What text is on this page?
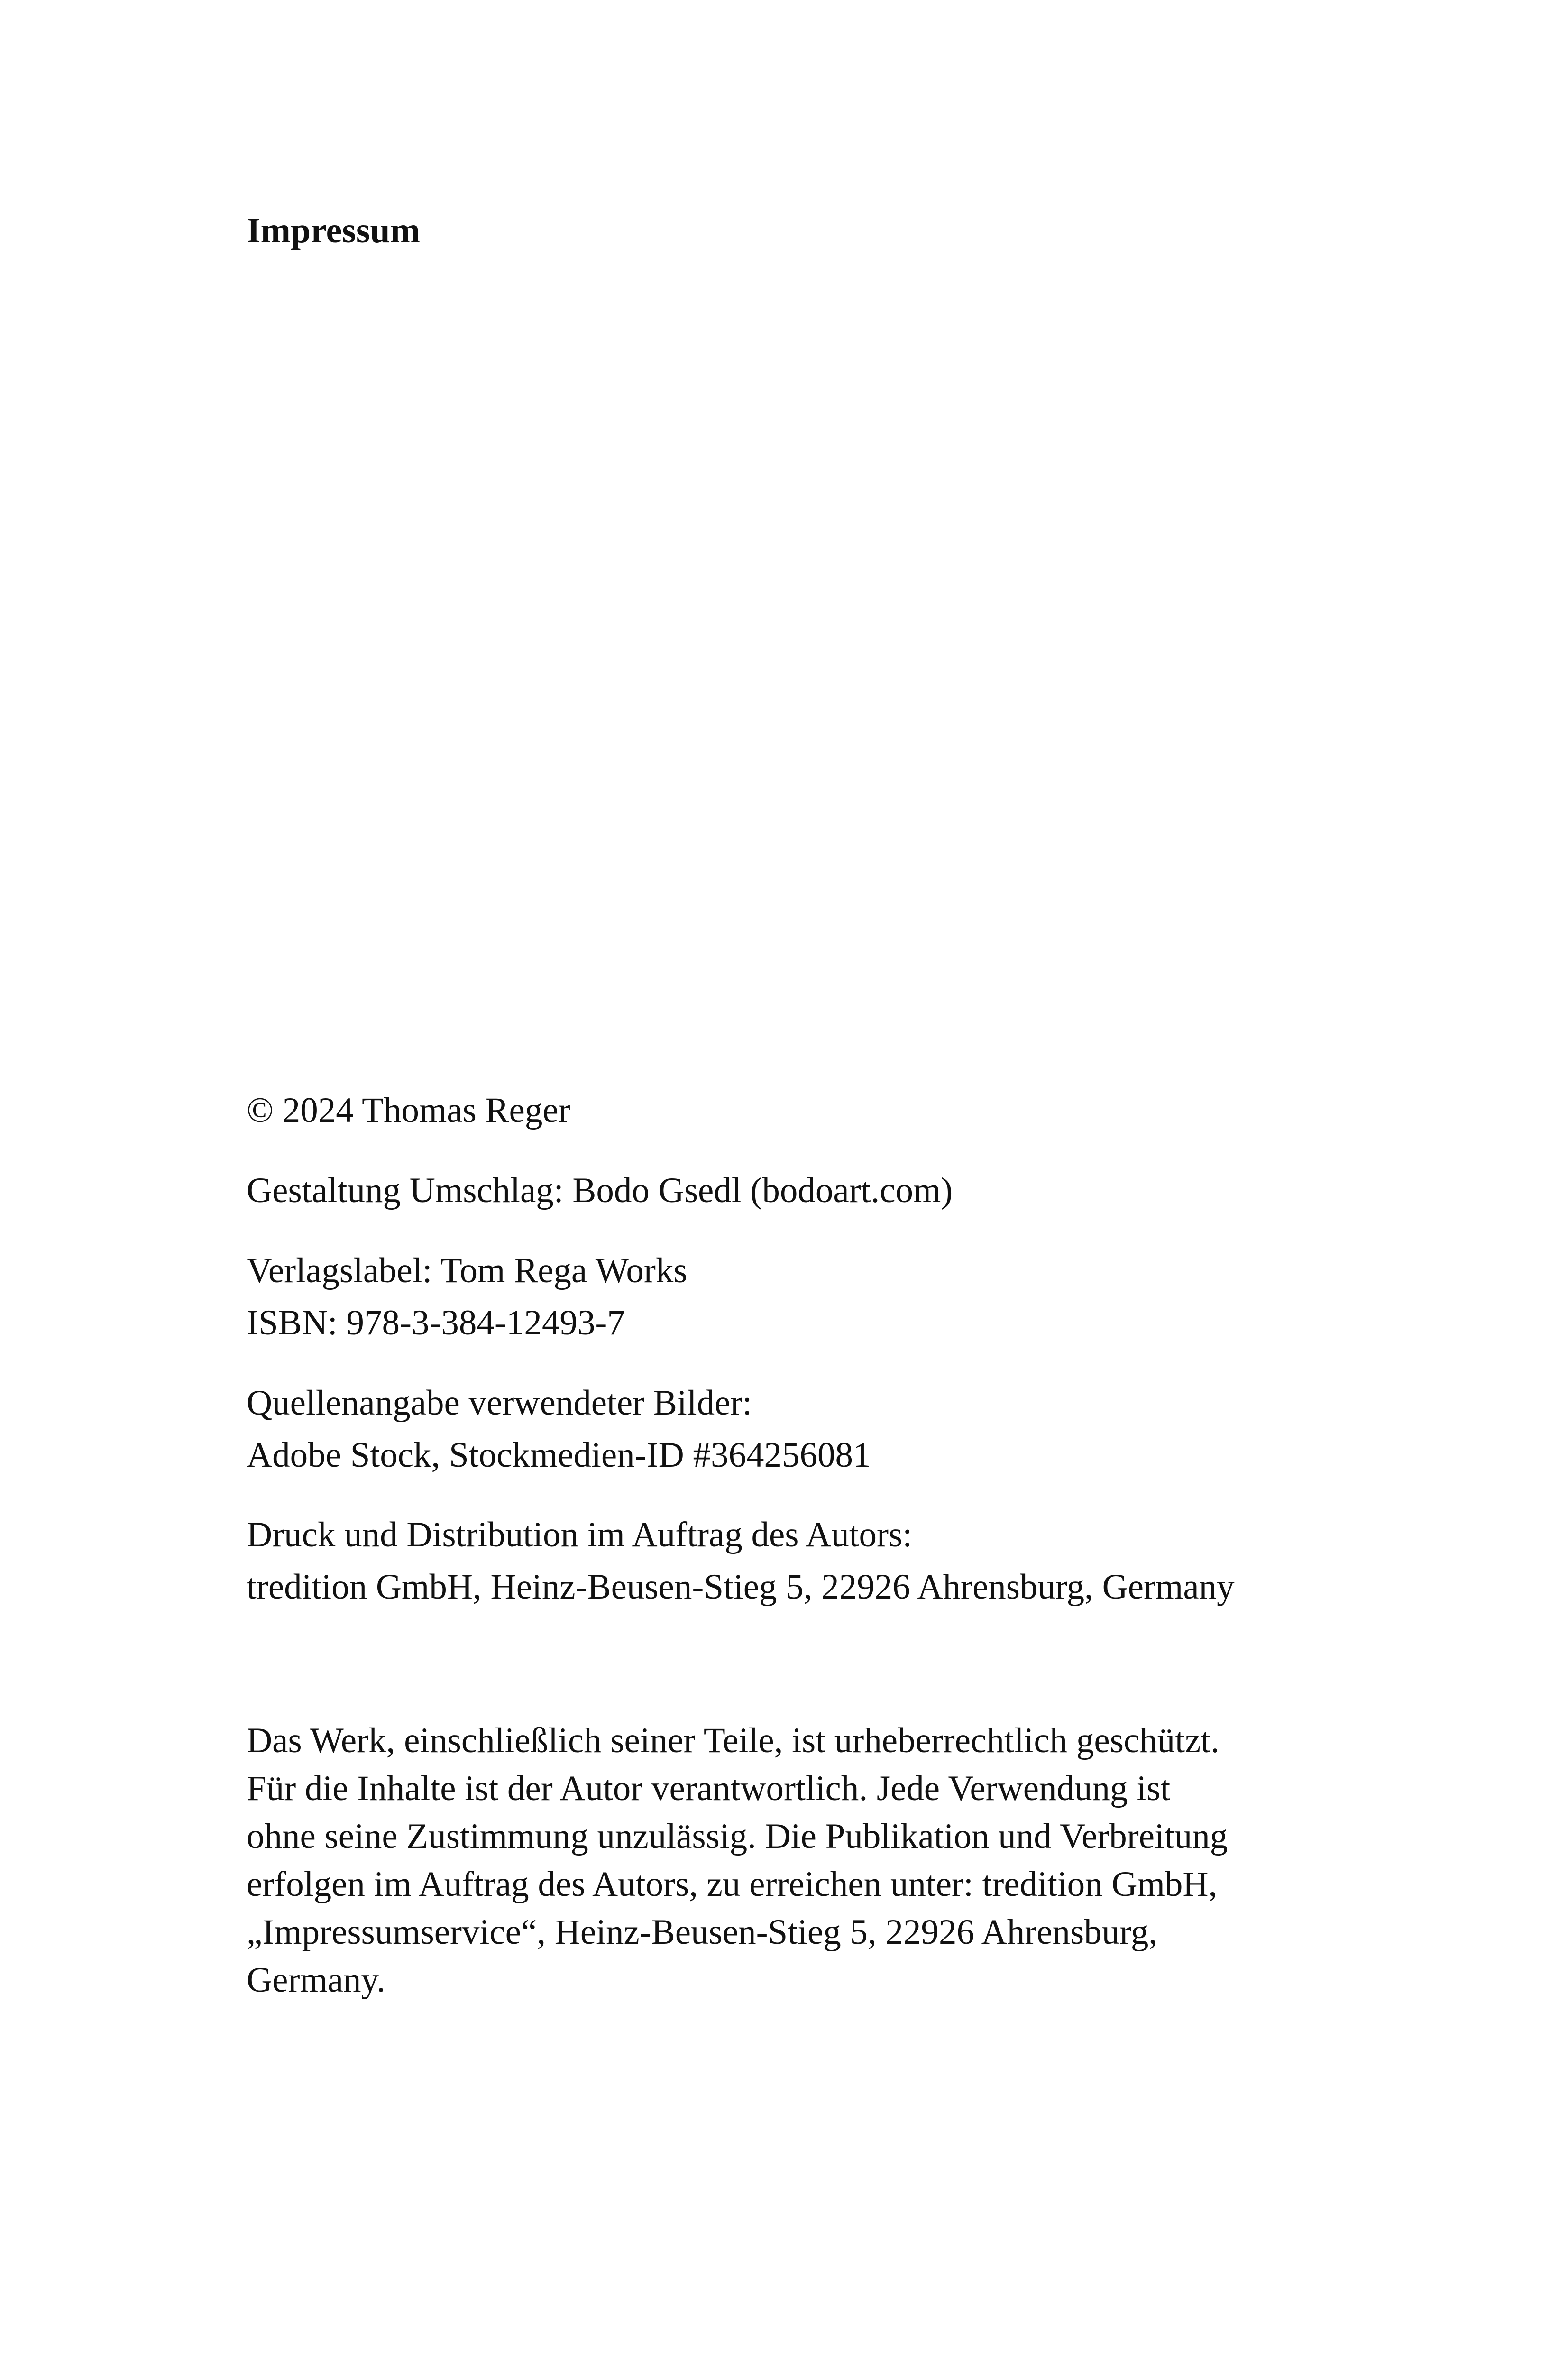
Impressum

© 2024 Thomas Reger

Gestaltung Umschlag: Bodo Gsedl (bodoart.com)

Verlagslabel: Tom Rega Works
ISBN: 978-3-384-12493-7

Quellenangabe verwendeter Bilder:
Adobe Stock, Stockmedien-ID #364256081

Druck und Distribution im Auftrag des Autors:
tredition GmbH, Heinz-Beusen-Stieg 5, 22926 Ahrensburg, Germany

Das Werk, einschließlich seiner Teile, ist urheberrechtlich geschützt.
Für die Inhalte ist der Autor verantwortlich. Jede Verwendung ist
ohne seine Zustimmung unzulässig. Die Publikation und Verbreitung
erfolgen im Auftrag des Autors, zu erreichen unter: tredition GmbH,
„Impressumservice“, Heinz-Beusen-Stieg 5, 22926 Ahrensburg,
Germany.
